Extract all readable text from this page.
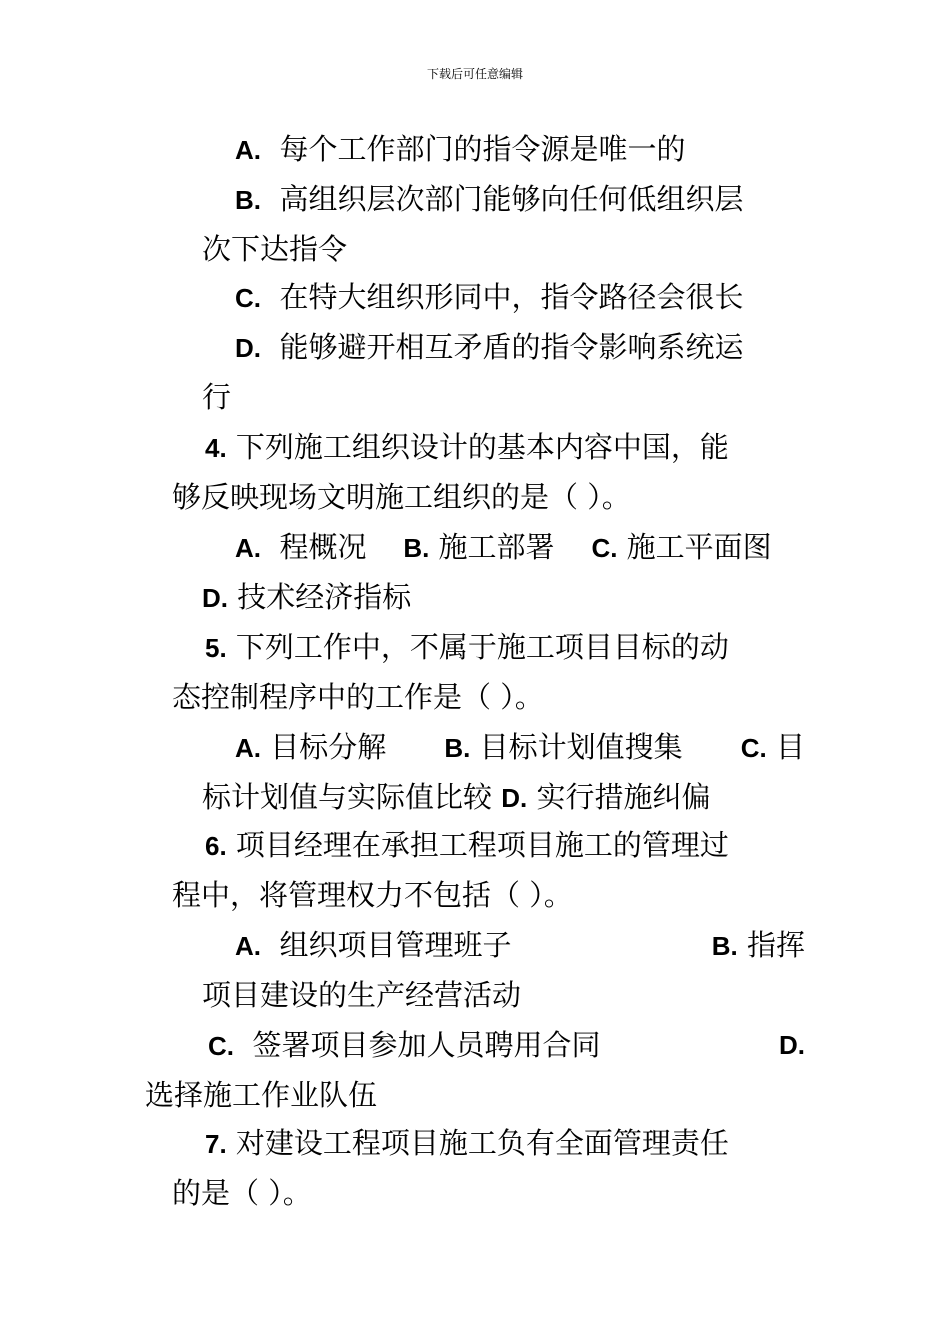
下载后可任意编辑
A. 每个工作部门的指令源是唯一的
B. 高组织层次部门能够向任何低组织层
次下达指令
C. 在特大组织形同中，指令路径会很长
D. 能够避开相互矛盾的指令影响系统运
行
4. 下列施工组织设计的基本内容中国，能
够反映现场文明施工组织的是（ ）。
A. 程概况 B. 施工部署 C. 施工平面图
D. 技术经济指标
5. 下列工作中，不属于施工项目目标的动
态控制程序中的工作是（ ）。
A. 目标分解 B. 目标计划值搜集 C. 目
标计划值与实际值比较 D. 实行措施纠偏
6. 项目经理在承担工程项目施工的管理过
程中，将管理权力不包括（ ）。
A. 组织项目管理班子	B. 指挥
项目建设的生产经营活动
C. 签署项目参加人员聘用合同	D.
选择施工作业队伍
7. 对建设工程项目施工负有全面管理责任
的是（ ）。
